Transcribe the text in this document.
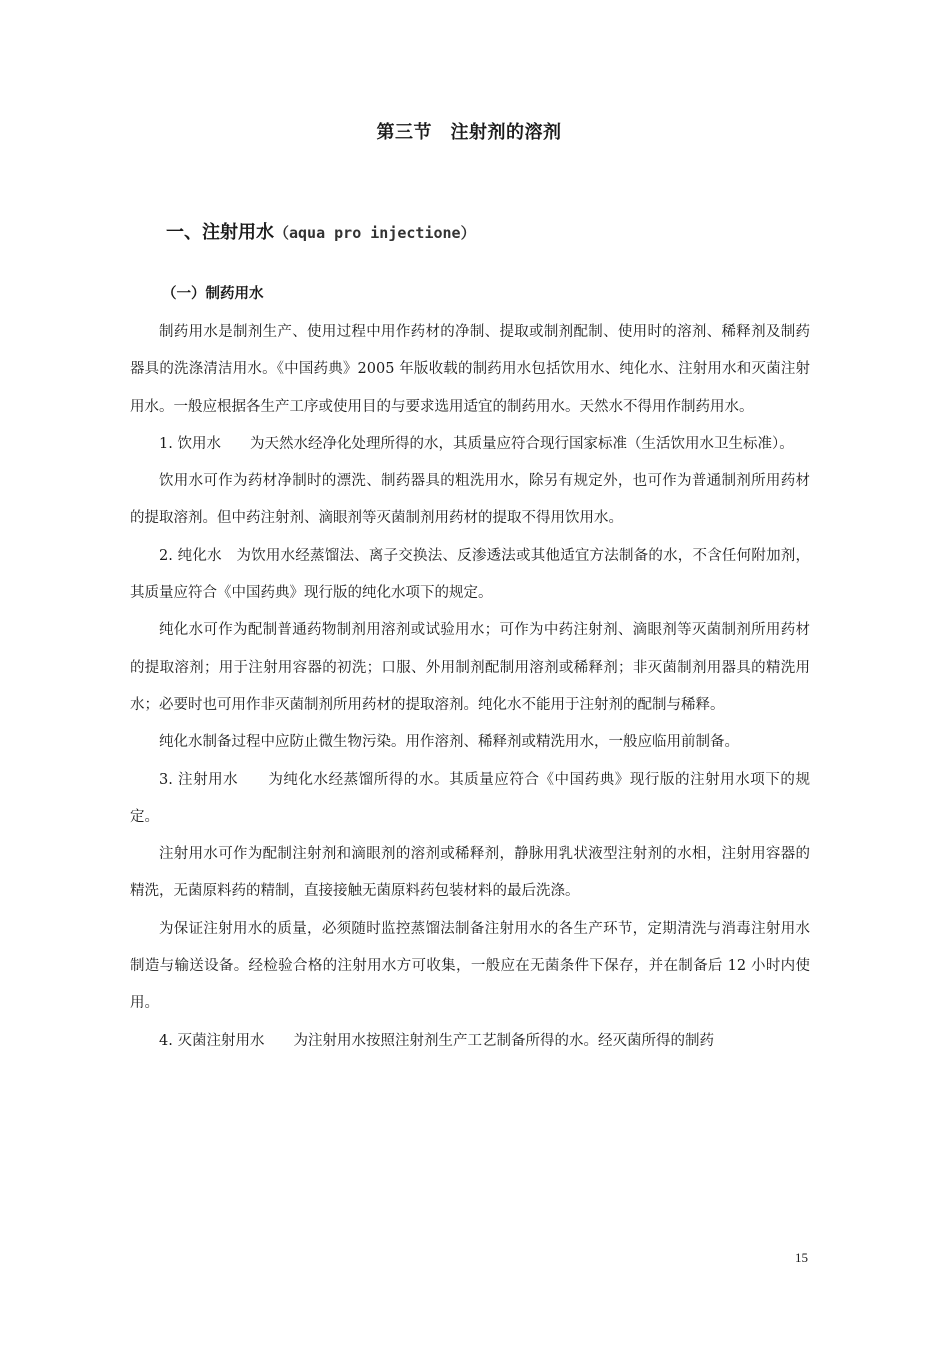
第三节　注射剂的溶剂
一、注射用水（aqua pro injectione）
（一）制药用水

制药用水是制剂生产、使用过程中用作药材的净制、提取或制剂配制、使用时的溶剂、稀释剂及制药器具的洗涤清洁用水。《中国药典》2005 年版收载的制药用水包括饮用水、纯化水、注射用水和灭菌注射用水。一般应根据各生产工序或使用目的与要求选用适宜的制药用水。天然水不得用作制药用水。

1. 饮用水　　为天然水经净化处理所得的水，其质量应符合现行国家标准（生活饮用水卫生标准）。

饮用水可作为药材净制时的漂洗、制药器具的粗洗用水，除另有规定外，也可作为普通制剂所用药材的提取溶剂。但中药注射剂、滴眼剂等灭菌制剂用药材的提取不得用饮用水。

2. 纯化水　为饮用水经蒸馏法、离子交换法、反渗透法或其他适宜方法制备的水，不含任何附加剂，其质量应符合《中国药典》现行版的纯化水项下的规定。

纯化水可作为配制普通药物制剂用溶剂或试验用水；可作为中药注射剂、滴眼剂等灭菌制剂所用药材的提取溶剂；用于注射用容器的初洗；口服、外用制剂配制用溶剂或稀释剂；非灭菌制剂用器具的精洗用水；必要时也可用作非灭菌制剂所用药材的提取溶剂。纯化水不能用于注射剂的配制与稀释。

纯化水制备过程中应防止微生物污染。用作溶剂、稀释剂或精洗用水，一般应临用前制备。

3. 注射用水　　为纯化水经蒸馏所得的水。其质量应符合《中国药典》现行版的注射用水项下的规定。

注射用水可作为配制注射剂和滴眼剂的溶剂或稀释剂，静脉用乳状液型注射剂的水相，注射用容器的精洗，无菌原料药的精制，直接接触无菌原料药包装材料的最后洗涤。

为保证注射用水的质量，必须随时监控蒸馏法制备注射用水的各生产环节，定期清洗与消毒注射用水制造与输送设备。经检验合格的注射用水方可收集，一般应在无菌条件下保存，并在制备后 12 小时内使用。

4. 灭菌注射用水　　为注射用水按照注射剂生产工艺制备所得的水。经灭菌所得的制药

15
